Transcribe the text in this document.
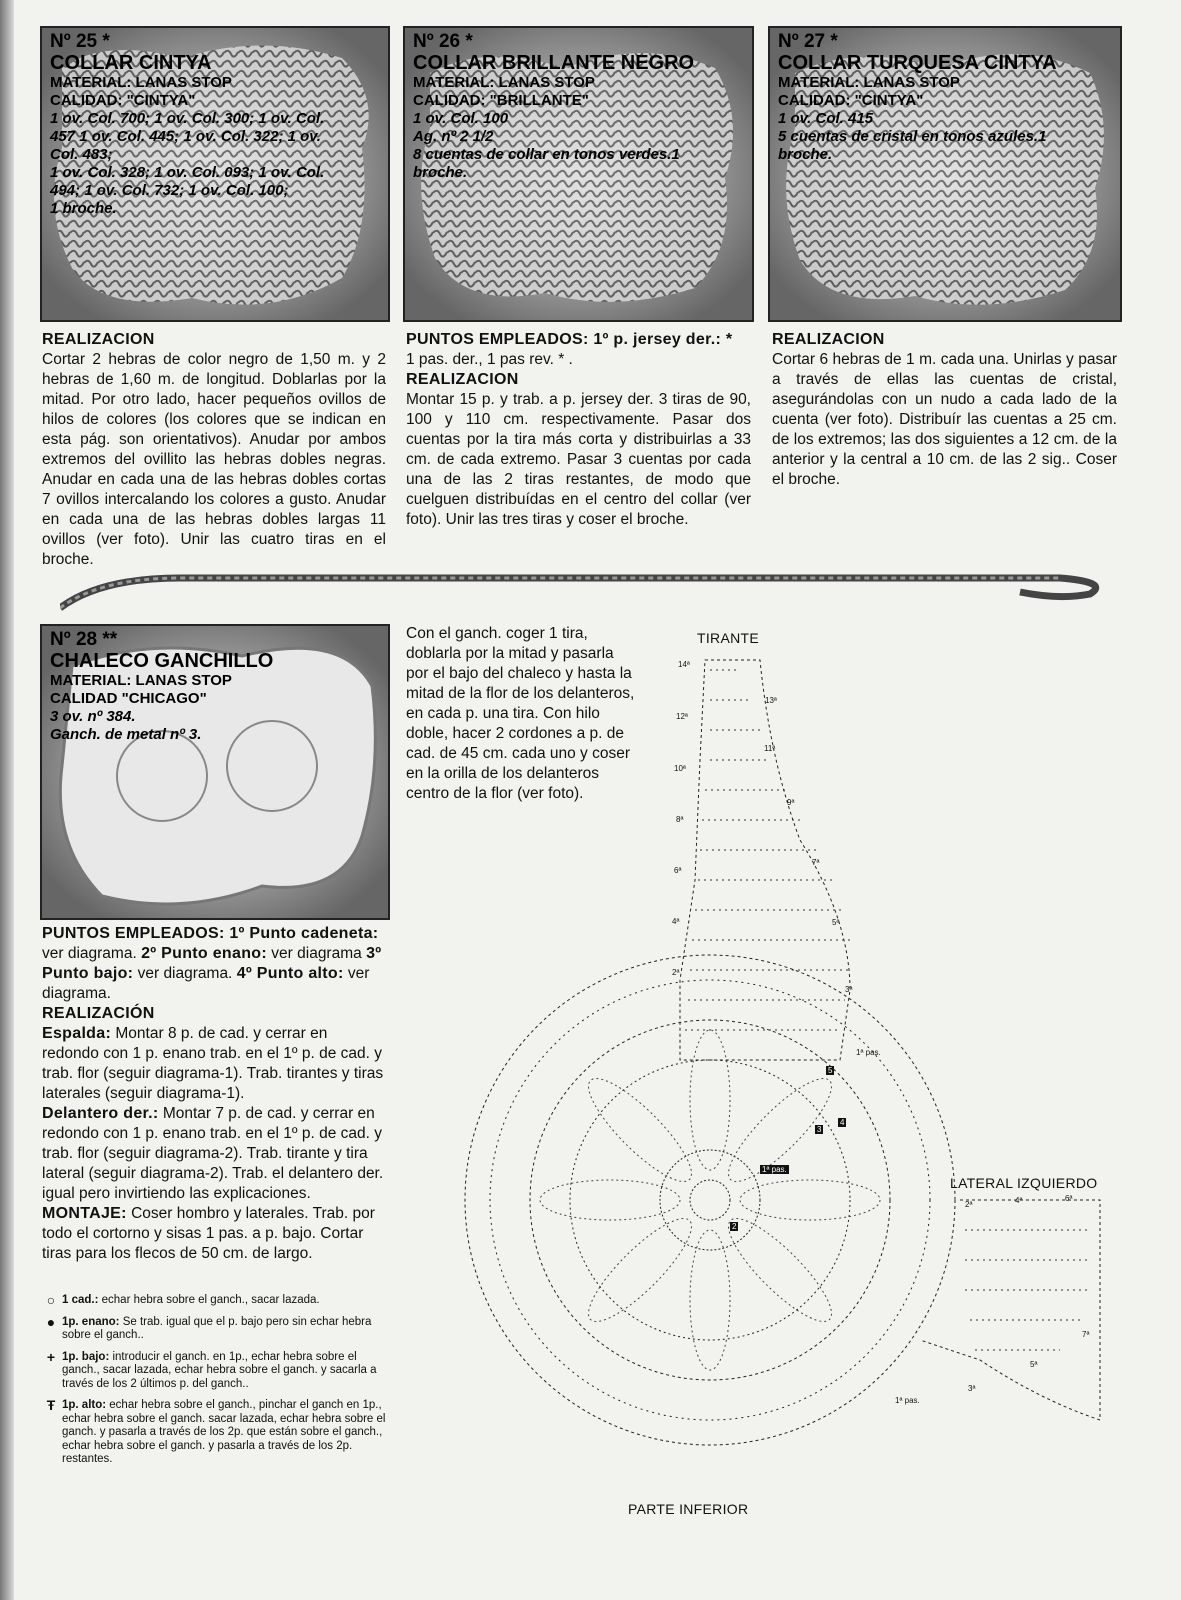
Nº 25 *
COLLAR CINTYA
MATERIAL: LANAS STOP
CALIDAD: "CINTYA"
1 ov. Col. 700; 1 ov. Col. 300; 1 ov. Col.
457 1 ov. Col. 445; 1 ov. Col. 322; 1 ov.
Col. 483;
1 ov. Col. 328; 1 ov. Col. 093; 1 ov. Col.
494; 1 ov. Col. 732; 1 ov. Col. 100;
1 broche.
Nº 26 *
COLLAR BRILLANTE NEGRO
MATERIAL: LANAS STOP
CALIDAD: "BRILLANTE"
1 ov. Col. 100
Ag. nº 2 1/2
8 cuentas de collar en tonos verdes.1
broche.
Nº 27 *
COLLAR TURQUESA CINTYA
MATERIAL: LANAS STOP
CALIDAD: "CINTYA"
1 ov. Col. 415
5 cuentas de cristal en tonos azules.1
broche.

REALIZACION

Cortar 2 hebras de color negro de 1,50 m. y 2 hebras de 1,60 m. de longitud. Doblarlas por la mitad. Por otro lado, hacer pequeños ovillos de hilos de colores (los colores que se indican en esta pág. son orientativos). Anudar por ambos extremos del ovillito las hebras dobles negras. Anudar en cada una de las hebras dobles cortas 7 ovillos intercalando los colores a gusto. Anudar en cada una de las hebras dobles largas 11 ovillos (ver foto). Unir las cuatro tiras en el broche.

PUNTOS EMPLEADOS: 1º p. jersey der.: *

1 pas. der., 1 pas rev. * .

REALIZACION

Montar 15 p. y trab. a p. jersey der. 3 tiras de 90, 100 y 110 cm. respectivamente. Pasar dos cuentas por la tira más corta y distribuirlas a 33 cm. de cada extremo. Pasar 3 cuentas por cada una de las 2 tiras restantes, de modo que cuelguen distribuídas en el centro del collar (ver foto). Unir las tres tiras y coser el broche.

REALIZACION

Cortar 6 hebras de 1 m. cada una. Unirlas y pasar a través de ellas las cuentas de cristal, asegurándolas con un nudo a cada lado de la cuenta (ver foto). Distribuír las cuentas a 25 cm. de los extremos; las dos siguientes a 12 cm. de la anterior y la central a 10 cm. de las 2 sig.. Coser el broche.

Nº 28 **
CHALECO GANCHILLO
MATERIAL: LANAS STOP
CALIDAD "CHICAGO"
3 ov. nº 384.
Ganch. de metal nº 3.

Con el ganch. coger 1 tira, doblarla por la mitad y pasarla por el bajo del chaleco y hasta la mitad de la flor de los delanteros, en cada p. una tira. Con hilo doble, hacer 2 cordones a p. de cad. de 45 cm. cada uno y coser en la orilla de los delanteros centro de la flor (ver foto).

PUNTOS EMPLEADOS: 1º Punto cadeneta: ver diagrama. 2º Punto enano: ver diagrama 3º Punto bajo: ver diagrama. 4º Punto alto: ver diagrama.

REALIZACIÓN

Espalda: Montar 8 p. de cad. y cerrar en redondo con 1 p. enano trab. en el 1º p. de cad. y trab. flor (seguir diagrama-1). Trab. tirantes y tiras laterales (seguir diagrama-1).

Delantero der.: Montar 7 p. de cad. y cerrar en redondo con 1 p. enano trab. en el 1º p. de cad. y trab. flor (seguir diagrama-2). Trab. tirante y tira lateral (seguir diagrama-2). Trab. el delantero der. igual pero invirtiendo las explicaciones.

MONTAJE: Coser hombro y laterales. Trab. por todo el cortorno y sisas 1 pas. a p. bajo. Cortar tiras para los flecos de 50 cm. de largo.

○ 1 cad.: echar hebra sobre el ganch., sacar lazada.
● 1p. enano: Se trab. igual que el p. bajo pero sin echar hebra sobre el ganch..
+ 1p. bajo: introducir el ganch. en 1p., echar hebra sobre el ganch., sacar lazada, echar hebra sobre el ganch. y sacarla a través de los 2 últimos p. del ganch..
Ŧ 1p. alto: echar hebra sobre el ganch., pinchar el ganch en 1p., echar hebra sobre el ganch. sacar lazada, echar hebra sobre el ganch. y pasarla a través de los 2p. que están sobre el ganch., echar hebra sobre el ganch. y pasarla a través de los 2p. restantes.
TIRANTE
LATERAL IZQUIERDO
PARTE INFERIOR
1ª pas.
14ª
12ª
10ª
8ª
6ª
4ª
2ª
13ª
11ª
9ª
7ª
5ª
3ª
1ª pas.
2ª	4ª	6ª
7ª
5ª
3ª
1ª pas.
2
3
4
5
